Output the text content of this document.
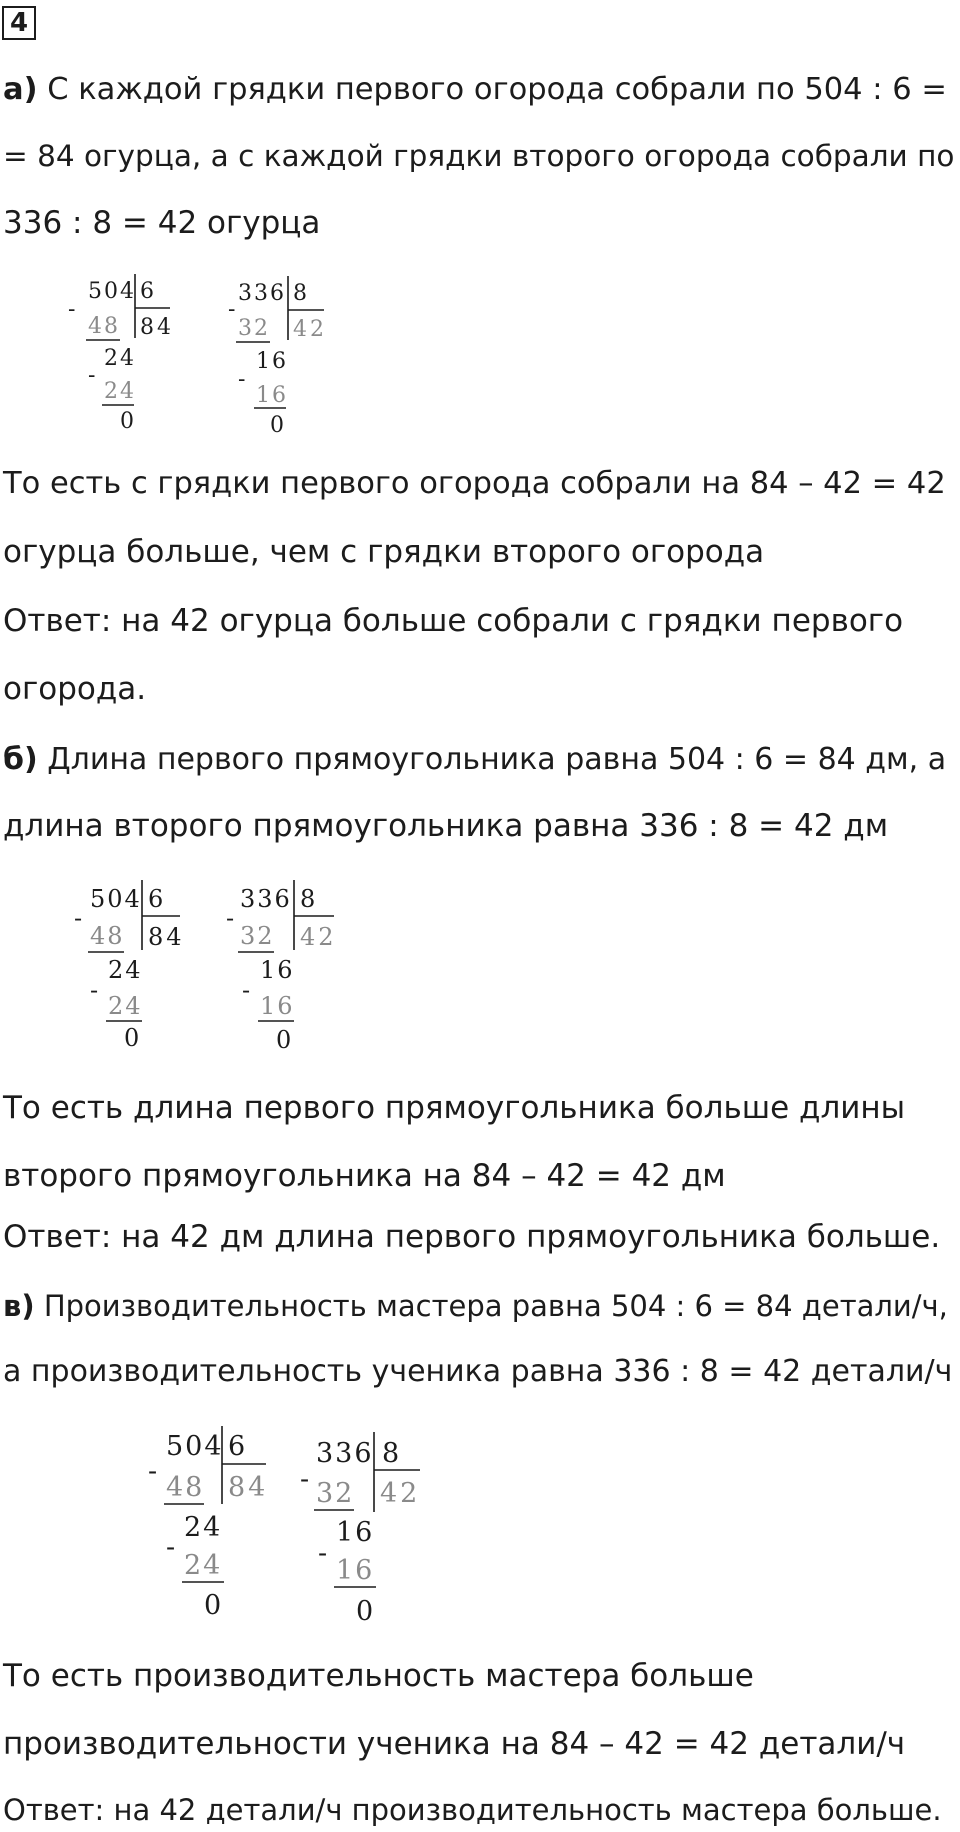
4
а) С каждой грядки первого огорода собрали по 504 : 6 =
= 84 огурца, а с каждой грядки второго огорода собрали по
336 : 8 = 42 огурца
-
504 6
84
48
24
-
24
0
-
336 8
42
32
16
-
16
0
То есть с грядки первого огорода собрали на 84 – 42 = 42
огурца больше, чем с грядки второго огорода
Ответ: на 42 огурца больше собрали с грядки первого
огорода.
б) Длина первого прямоугольника равна 504 : 6 = 84 дм, а
длина второго прямоугольника равна 336 : 8 = 42 дм
-
504 6
84
48
24
-
24
0
-
336 8
42
32
16
-
16
0
То есть длина первого прямоугольника больше длины
второго прямоугольника на 84 – 42 = 42 дм
Ответ: на 42 дм длина первого прямоугольника больше.
в) Производительность мастера равна 504 : 6 = 84 детали/ч,
а производительность ученика равна 336 : 8 = 42 детали/ч
-
504 6
84
48
24
-
24
0
-
336 8
42
32
16
-
16
0
То есть производительность мастера больше
производительности ученика на 84 – 42 = 42 детали/ч
Ответ: на 42 детали/ч производительность мастера больше.
